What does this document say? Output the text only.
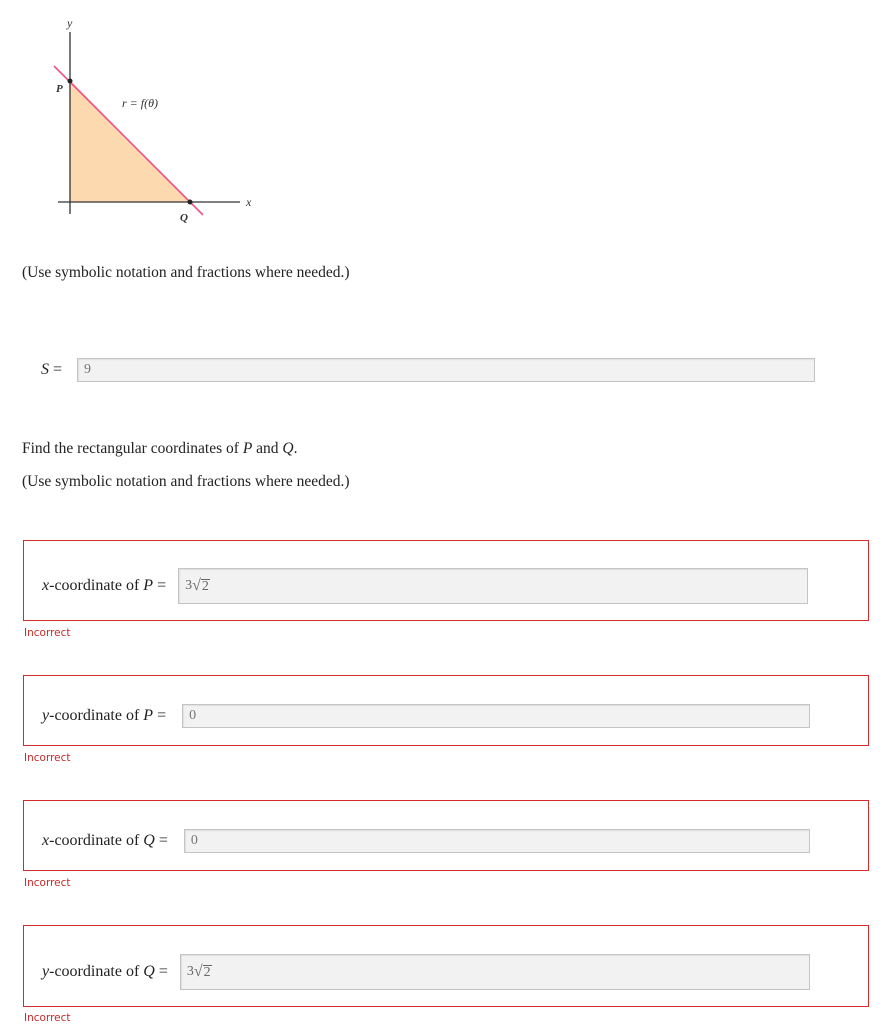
y
x
P
Q
r = f(θ)
(Use symbolic notation and fractions where needed.)
S = 9
Find the rectangular coordinates of P and Q.
(Use symbolic notation and fractions where needed.)
x-coordinate of P = 3 √ 2
Incorrect
y-coordinate of P = 0
Incorrect
x-coordinate of Q = 0
Incorrect
y-coordinate of Q = 3 √ 2
Incorrect
